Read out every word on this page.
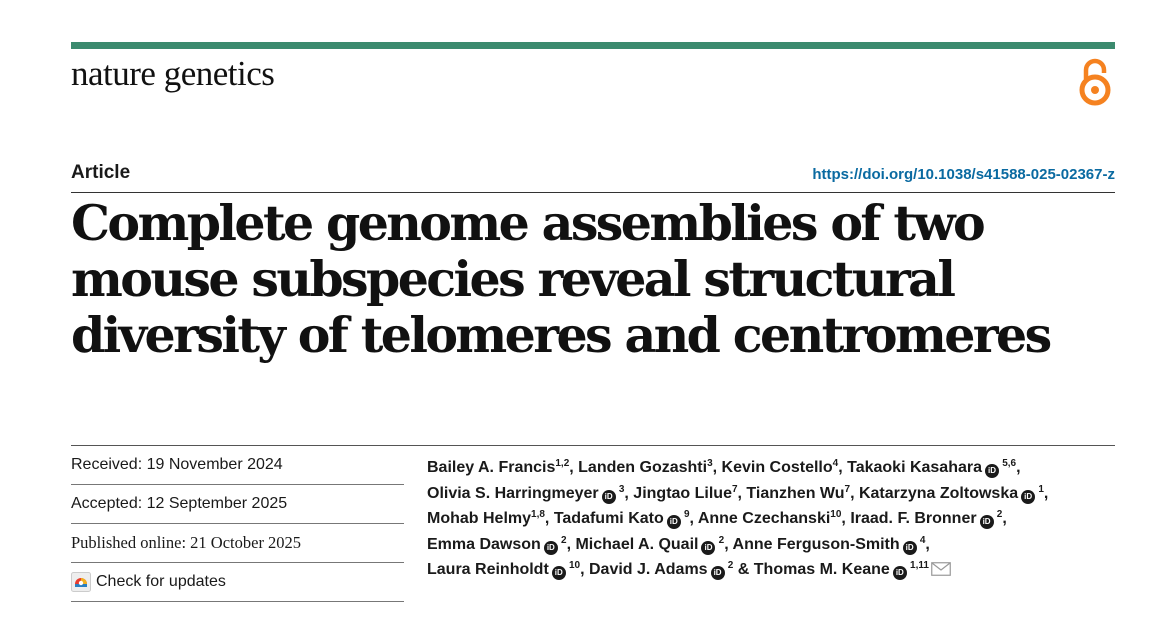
nature genetics
Article	https://doi.org/10.1038/s41588-025-02367-z
Complete genome assemblies of two mouse subspecies reveal structural diversity of telomeres and centromeres
Received: 19 November 2024
Accepted: 12 September 2025
Published online: 21 October 2025
Check for updates
Bailey A. Francis$^{1,2}$, Landen Gozashti$^3$, Kevin Costello$^4$, Takaoki Kasahara iD $^{5,6}$,
Olivia S. Harringmeyer iD $^3$, Jingtao Lilue$^7$, Tianzhen Wu$^7$, Katarzyna Zoltowska iD $^1$,
Mohab Helmy$^{1,8}$, Tadafumi Kato iD $^9$, Anne Czechanski$^{10}$, Iraad. F. Bronner iD $^2$,
Emma Dawson iD $^2$, Michael A. Quail iD $^2$, Anne Ferguson-Smith iD $^4$,
Laura Reinholdt iD $^{10}$, David J. Adams iD $^2$ & Thomas M. Keane iD $^{1,11}$
